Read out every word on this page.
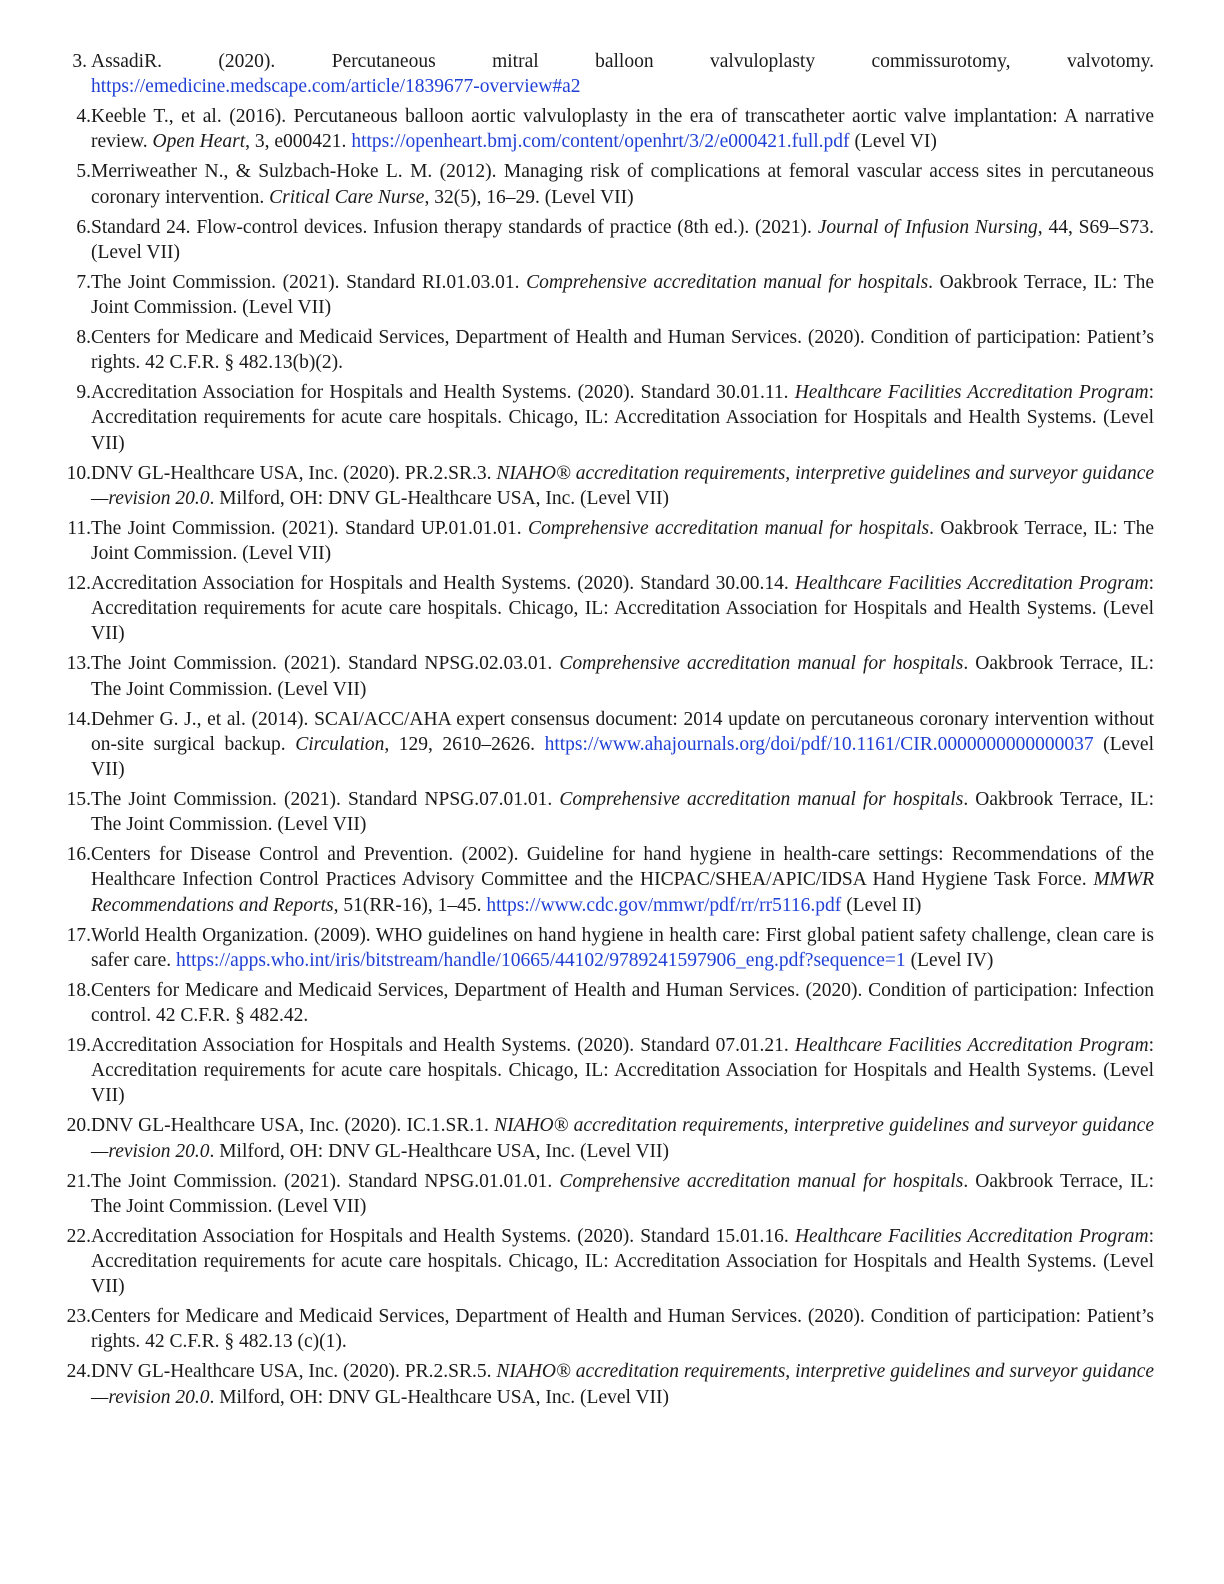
3. AssadiR. (2020). Percutaneous mitral balloon valvuloplasty commissurotomy, valvotomy. https://emedicine.medscape.com/article/1839677-overview#a2
4. Keeble T., et al. (2016). Percutaneous balloon aortic valvuloplasty in the era of transcatheter aortic valve implantation: A narrative review. Open Heart, 3, e000421. https://openheart.bmj.com/content/openhrt/3/2/e000421.full.pdf (Level VI)
5. Merriweather N., & Sulzbach-Hoke L. M. (2012). Managing risk of complications at femoral vascular access sites in percutaneous coronary intervention. Critical Care Nurse, 32(5), 16–29. (Level VII)
6. Standard 24. Flow-control devices. Infusion therapy standards of practice (8th ed.). (2021). Journal of Infusion Nursing, 44, S69–S73. (Level VII)
7. The Joint Commission. (2021). Standard RI.01.03.01. Comprehensive accreditation manual for hospitals. Oakbrook Terrace, IL: The Joint Commission. (Level VII)
8. Centers for Medicare and Medicaid Services, Department of Health and Human Services. (2020). Condition of participation: Patient’s rights. 42 C.F.R. § 482.13(b)(2).
9. Accreditation Association for Hospitals and Health Systems. (2020). Standard 30.01.11. Healthcare Facilities Accreditation Program: Accreditation requirements for acute care hospitals. Chicago, IL: Accreditation Association for Hospitals and Health Systems. (Level VII)
10. DNV GL-Healthcare USA, Inc. (2020). PR.2.SR.3. NIAHO® accreditation requirements, interpretive guidelines and surveyor guidance—revision 20.0. Milford, OH: DNV GL-Healthcare USA, Inc. (Level VII)
11. The Joint Commission. (2021). Standard UP.01.01.01. Comprehensive accreditation manual for hospitals. Oakbrook Terrace, IL: The Joint Commission. (Level VII)
12. Accreditation Association for Hospitals and Health Systems. (2020). Standard 30.00.14. Healthcare Facilities Accreditation Program: Accreditation requirements for acute care hospitals. Chicago, IL: Accreditation Association for Hospitals and Health Systems. (Level VII)
13. The Joint Commission. (2021). Standard NPSG.02.03.01. Comprehensive accreditation manual for hospitals. Oakbrook Terrace, IL: The Joint Commission. (Level VII)
14. Dehmer G. J., et al. (2014). SCAI/ACC/AHA expert consensus document: 2014 update on percutaneous coronary intervention without on-site surgical backup. Circulation, 129, 2610–2626. https://www.ahajournals.org/doi/pdf/10.1161/CIR.0000000000000037 (Level VII)
15. The Joint Commission. (2021). Standard NPSG.07.01.01. Comprehensive accreditation manual for hospitals. Oakbrook Terrace, IL: The Joint Commission. (Level VII)
16. Centers for Disease Control and Prevention. (2002). Guideline for hand hygiene in health-care settings: Recommendations of the Healthcare Infection Control Practices Advisory Committee and the HICPAC/SHEA/APIC/IDSA Hand Hygiene Task Force. MMWR Recommendations and Reports, 51(RR-16), 1–45. https://www.cdc.gov/mmwr/pdf/rr/rr5116.pdf (Level II)
17. World Health Organization. (2009). WHO guidelines on hand hygiene in health care: First global patient safety challenge, clean care is safer care. https://apps.who.int/iris/bitstream/handle/10665/44102/9789241597906_eng.pdf?sequence=1 (Level IV)
18. Centers for Medicare and Medicaid Services, Department of Health and Human Services. (2020). Condition of participation: Infection control. 42 C.F.R. § 482.42.
19. Accreditation Association for Hospitals and Health Systems. (2020). Standard 07.01.21. Healthcare Facilities Accreditation Program: Accreditation requirements for acute care hospitals. Chicago, IL: Accreditation Association for Hospitals and Health Systems. (Level VII)
20. DNV GL-Healthcare USA, Inc. (2020). IC.1.SR.1. NIAHO® accreditation requirements, interpretive guidelines and surveyor guidance—revision 20.0. Milford, OH: DNV GL-Healthcare USA, Inc. (Level VII)
21. The Joint Commission. (2021). Standard NPSG.01.01.01. Comprehensive accreditation manual for hospitals. Oakbrook Terrace, IL: The Joint Commission. (Level VII)
22. Accreditation Association for Hospitals and Health Systems. (2020). Standard 15.01.16. Healthcare Facilities Accreditation Program: Accreditation requirements for acute care hospitals. Chicago, IL: Accreditation Association for Hospitals and Health Systems. (Level VII)
23. Centers for Medicare and Medicaid Services, Department of Health and Human Services. (2020). Condition of participation: Patient’s rights. 42 C.F.R. § 482.13 (c)(1).
24. DNV GL-Healthcare USA, Inc. (2020). PR.2.SR.5. NIAHO® accreditation requirements, interpretive guidelines and surveyor guidance—revision 20.0. Milford, OH: DNV GL-Healthcare USA, Inc. (Level VII)
